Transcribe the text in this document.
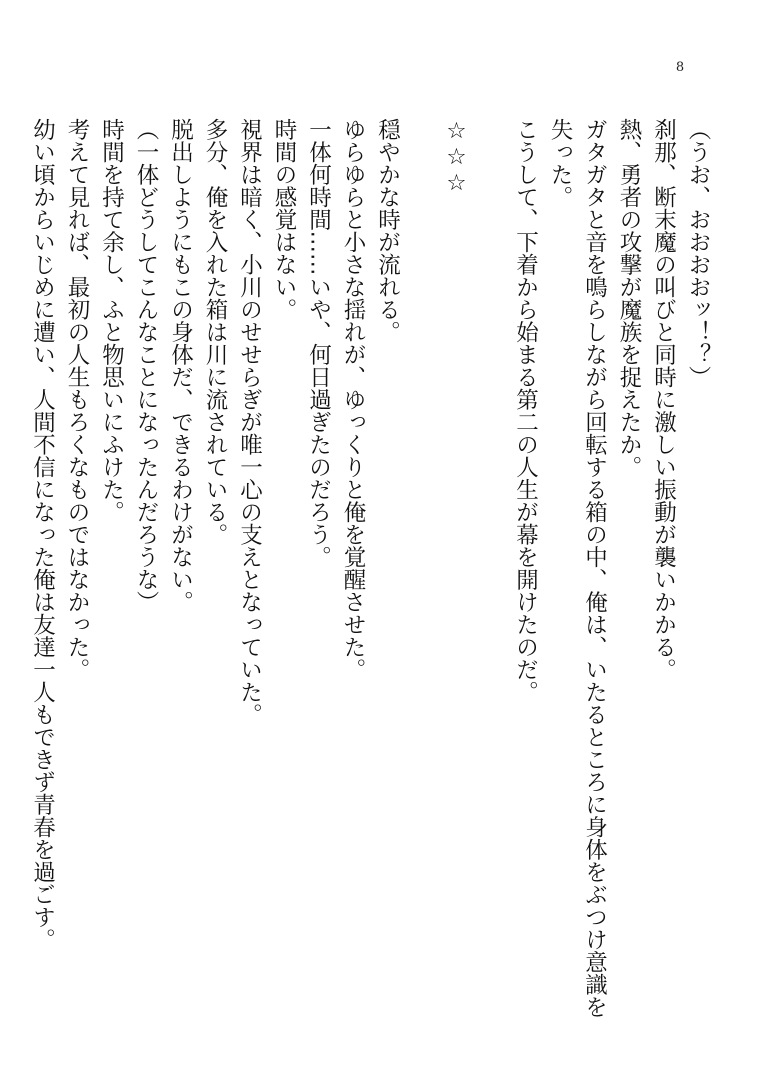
8

（うお、おおおおッ！？）

刹那、断末魔の叫びと同時に激しい振動が襲いかかる。

熱、勇者の攻撃が魔族を捉えたか。

ガタガタと音を鳴らしながら回転する箱の中、俺は、いたるところに身体をぶつけ意識を失った。

こうして、下着から始まる第二の人生が幕を開けたのだ。

☆☆☆

穏やかな時が流れる。

ゆらゆらと小さな揺れが、ゆっくりと俺を覚醒させた。

一体何時間……いや、何日過ぎたのだろう。

時間の感覚はない。

視界は暗く、小川のせせらぎが唯一心の支えとなっていた。

多分、俺を入れた箱は川に流されている。

脱出しようにもこの身体だ、できるわけがない。

（一体どうしてこんなことになったんだろうな）

時間を持て余し、ふと物思いにふけた。

考えて見れば、最初の人生もろくなものではなかった。

幼い頃からいじめに遭い、人間不信になった俺は友達一人もできず青春を過ごす。
